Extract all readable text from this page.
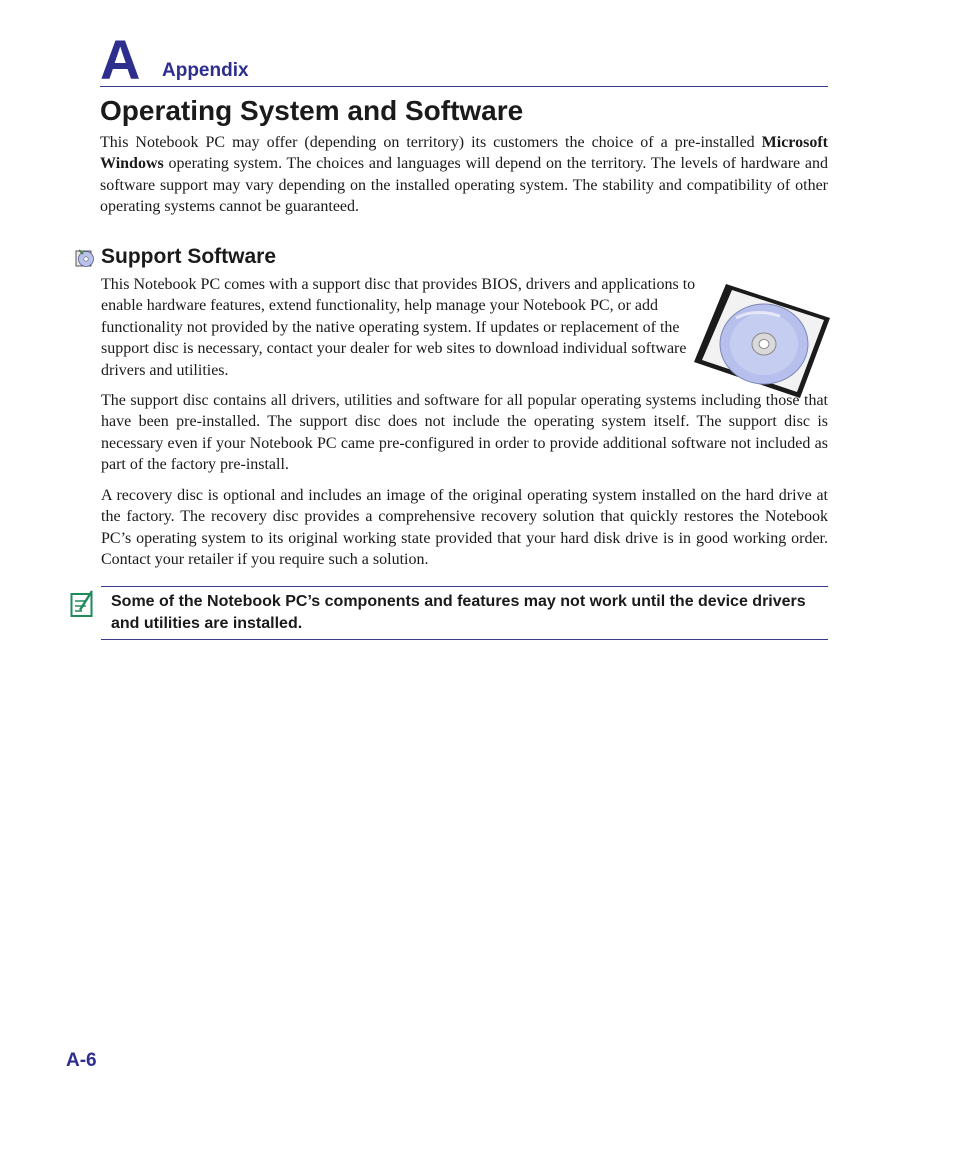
A Appendix
Operating System and Software

This Notebook PC may offer (depending on territory) its customers the choice of a pre-installed Microsoft Windows operating system. The choices and languages will depend on the territory. The levels of hardware and software support may vary depending on the installed operating system. The stability and compatibility of other operating systems cannot be guaranteed.

Support Software

This Notebook PC comes with a support disc that provides BIOS, drivers and applications to enable hardware features, extend functionality, help manage your Notebook PC, or add functionality not provided by the native operating system. If updates or replacement of the support disc is necessary, contact your dealer for web sites to download individual software drivers and utilities.

The support disc contains all drivers, utilities and software for all popular operating systems including those that have been pre-installed. The support disc does not include the operating system itself. The support disc is necessary even if your Notebook PC came pre-configured in order to provide additional software not included as part of the factory pre-install.

A recovery disc is optional and includes an image of the original operating system installed on the hard drive at the factory. The recovery disc provides a comprehensive recovery solution that quickly restores the Notebook PC’s operating system to its original working state provided that your hard disk drive is in good working order. Contact your retailer if you require such a solution.

Some of the Notebook PC’s components and features may not work until the device drivers and utilities are installed.

A-6
